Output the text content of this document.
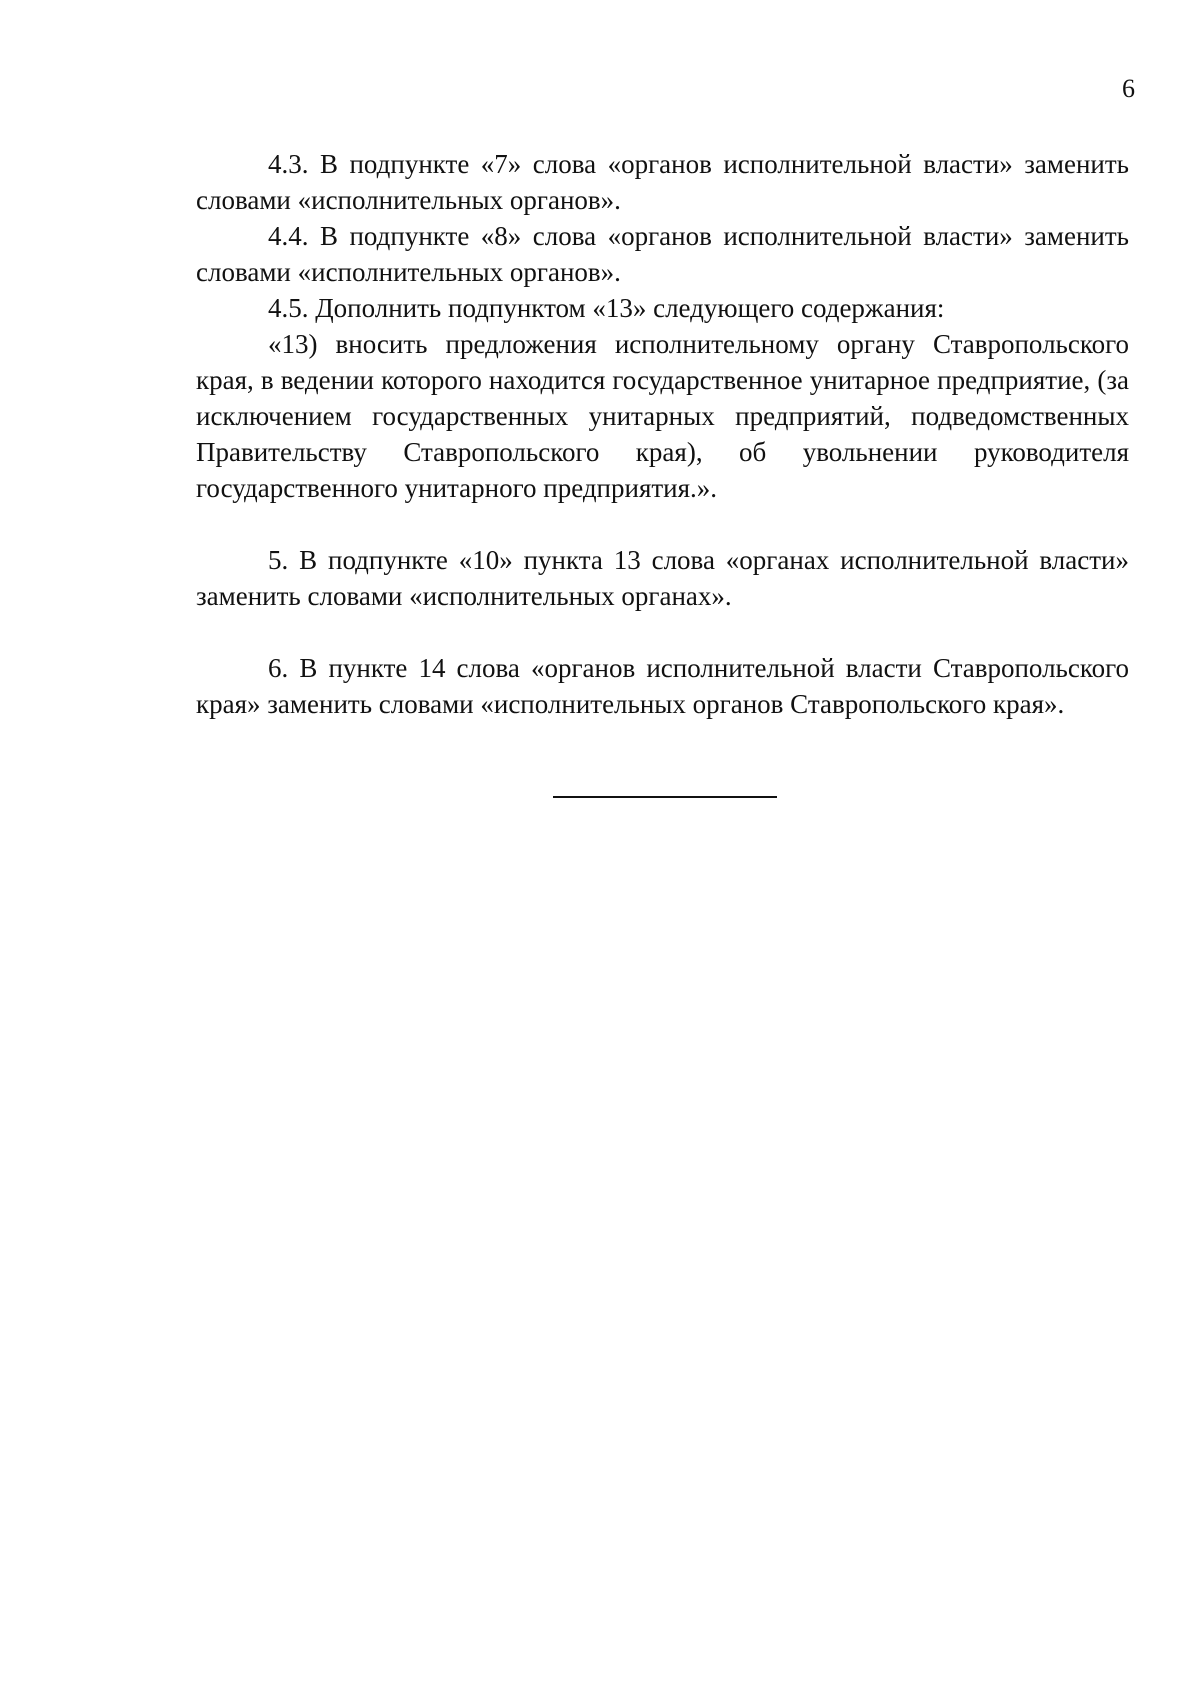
6

4.3. В подпункте «7» слова «органов исполнительной власти» заменить словами «исполнительных органов».

4.4. В подпункте «8» слова «органов исполнительной власти» заменить словами «исполнительных органов».

4.5. Дополнить подпунктом «13» следующего содержания:

«13) вносить предложения исполнительному органу Ставропольского края, в ведении которого находится государственное унитарное предприятие, (за исключением государственных унитарных предприятий, подведомственных Правительству Ставропольского края), об увольнении руководителя государственного унитарного предприятия.».

5. В подпункте «10» пункта 13 слова «органах исполнительной власти» заменить словами «исполнительных органах».

6. В пункте 14 слова «органов исполнительной власти Ставропольского края» заменить словами «исполнительных органов Ставропольского края».
